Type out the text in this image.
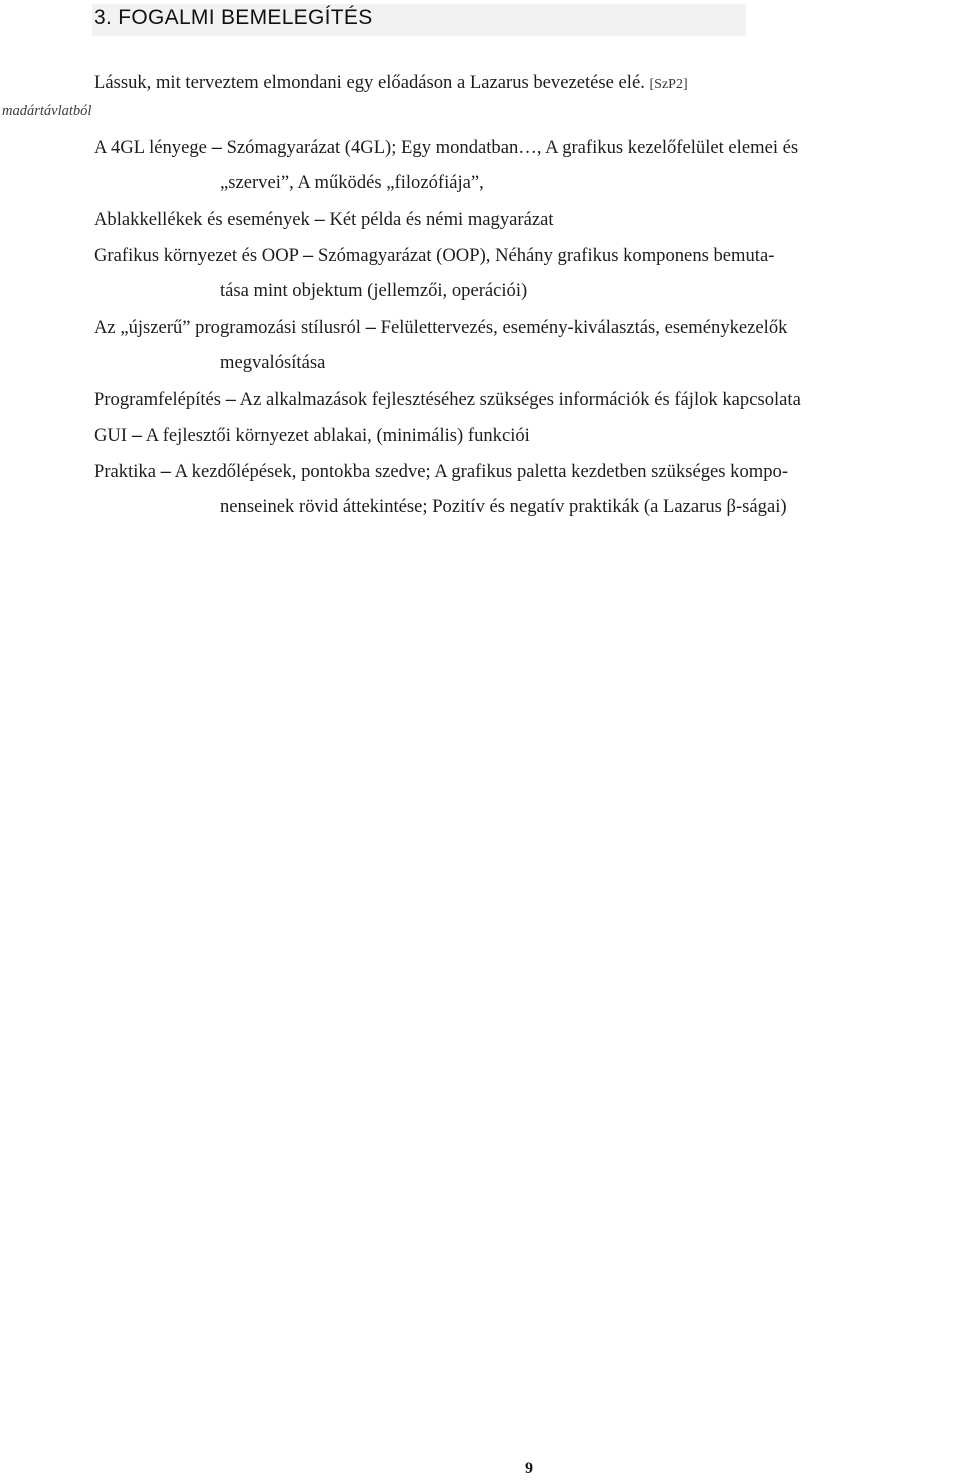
3. FOGALMI BEMELEGÍTÉS
Lássuk, mit terveztem elmondani egy előadáson a Lazarus bevezetése elé. [SzP2]
madártávlatból
A 4GL lényege – Szómagyarázat (4GL); Egy mondatban…, A grafikus kezelőfelület elemei és
„szervei”, A működés „filozófiája”,
Ablakkellékek és események – Két példa és némi magyarázat
Grafikus környezet és OOP – Szómagyarázat (OOP), Néhány grafikus komponens bemuta-
tása mint objektum (jellemzői, operációi)
Az „újszerű” programozási stílusról – Felülettervezés, esemény-kiválasztás, eseménykezelők
megvalósítása
Programfelépítés – Az alkalmazások fejlesztéséhez szükséges információk és fájlok kapcsolata
GUI – A fejlesztői környezet ablakai, (minimális) funkciói
Praktika – A kezdőlépések, pontokba szedve; A grafikus paletta kezdetben szükséges kompo-
nenseinek rövid áttekintése; Pozitív és negatív praktikák (a Lazarus β-ságai)
9
